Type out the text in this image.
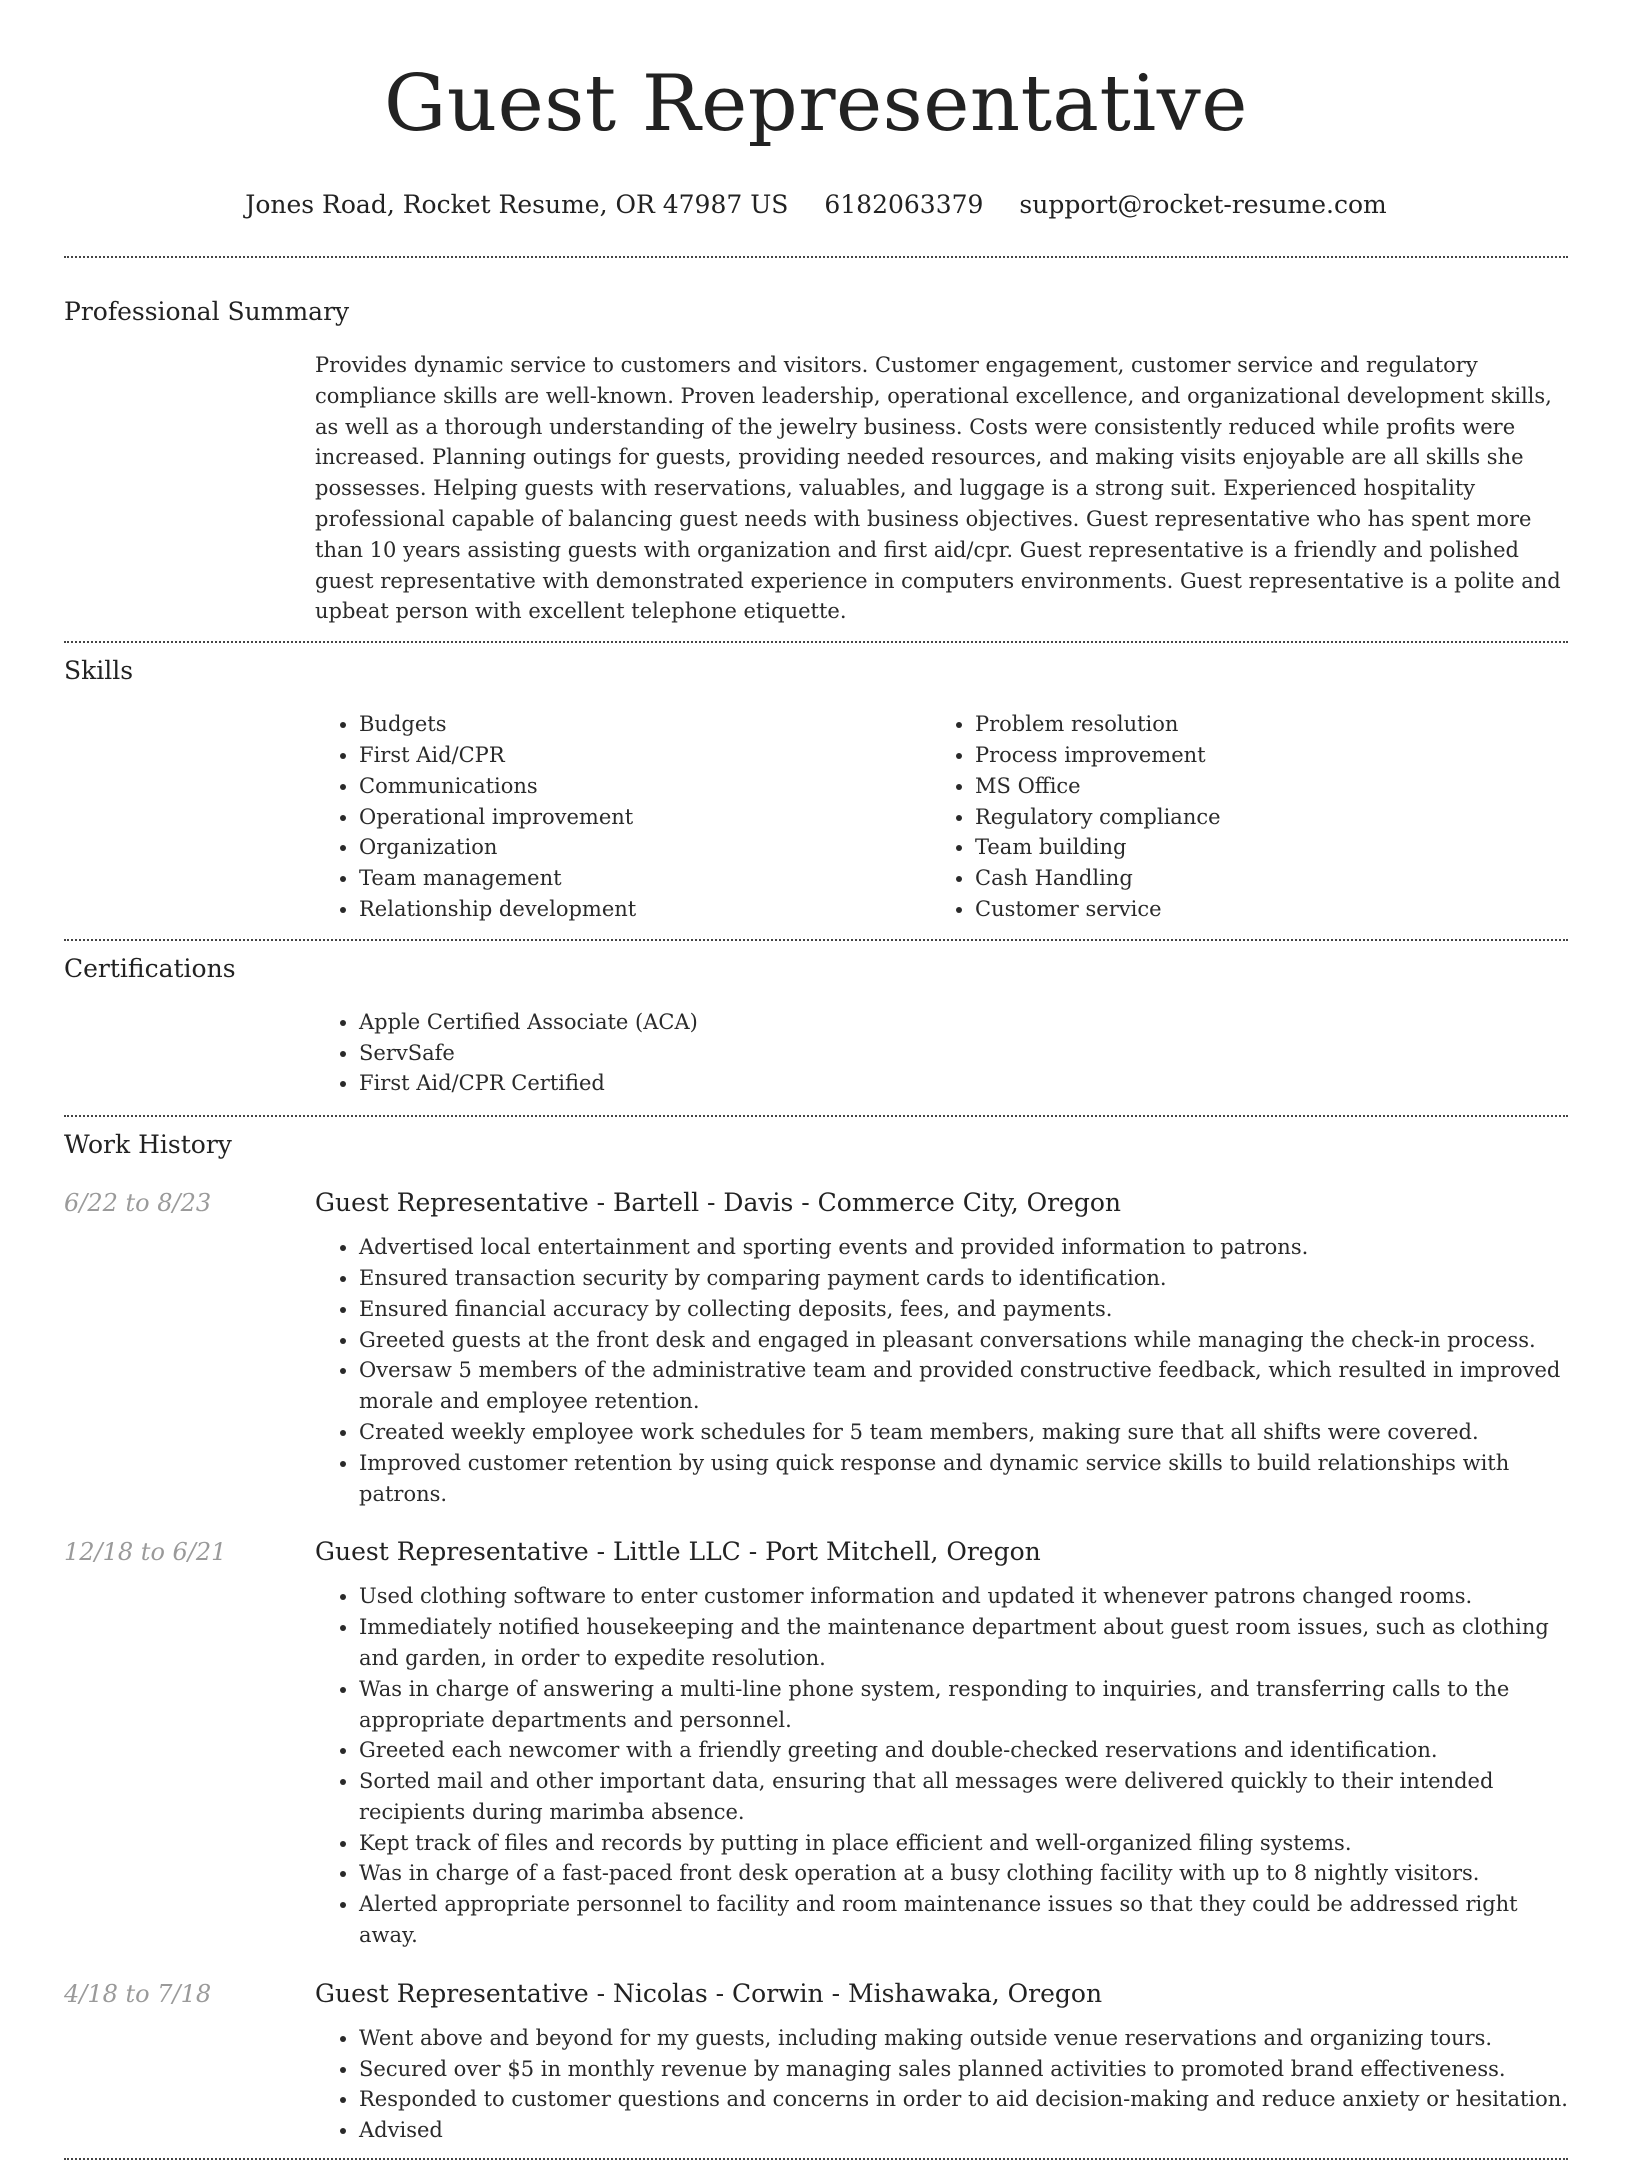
Guest Representative
Jones Road, Rocket Resume, OR 47987 US 6182063379 support@rocket-resume.com
Professional Summary
Provides dynamic service to customers and visitors. Customer engagement, customer service and regulatory compliance skills are well-known. Proven leadership, operational excellence, and organizational development skills, as well as a thorough understanding of the jewelry business. Costs were consistently reduced while profits were increased. Planning outings for guests, providing needed resources, and making visits enjoyable are all skills she possesses. Helping guests with reservations, valuables, and luggage is a strong suit. Experienced hospitality professional capable of balancing guest needs with business objectives. Guest representative who has spent more than 10 years assisting guests with organization and first aid/cpr. Guest representative is a friendly and polished guest representative with demonstrated experience in computers environments. Guest representative is a polite and upbeat person with excellent telephone etiquette.
Skills
• Budgets
• First Aid/CPR
• Communications
• Operational improvement
• Organization
• Team management
• Relationship development
• Problem resolution
• Process improvement
• MS Office
• Regulatory compliance
• Team building
• Cash Handling
• Customer service
Certifications
• Apple Certified Associate (ACA)
• ServSafe
• First Aid/CPR Certified
Work History
6/22 to 8/23	Guest Representative - Bartell - Davis - Commerce City, Oregon
• Advertised local entertainment and sporting events and provided information to patrons.
• Ensured transaction security by comparing payment cards to identification.
• Ensured financial accuracy by collecting deposits, fees, and payments.
• Greeted guests at the front desk and engaged in pleasant conversations while managing the check-in process.
• Oversaw 5 members of the administrative team and provided constructive feedback, which resulted in improved morale and employee retention.
• Created weekly employee work schedules for 5 team members, making sure that all shifts were covered.
• Improved customer retention by using quick response and dynamic service skills to build relationships with patrons.
12/18 to 6/21	Guest Representative - Little LLC - Port Mitchell, Oregon
• Used clothing software to enter customer information and updated it whenever patrons changed rooms.
• Immediately notified housekeeping and the maintenance department about guest room issues, such as clothing and garden, in order to expedite resolution.
• Was in charge of answering a multi-line phone system, responding to inquiries, and transferring calls to the appropriate departments and personnel.
• Greeted each newcomer with a friendly greeting and double-checked reservations and identification.
• Sorted mail and other important data, ensuring that all messages were delivered quickly to their intended recipients during marimba absence.
• Kept track of files and records by putting in place efficient and well-organized filing systems.
• Was in charge of a fast-paced front desk operation at a busy clothing facility with up to 8 nightly visitors.
• Alerted appropriate personnel to facility and room maintenance issues so that they could be addressed right away.
4/18 to 7/18	Guest Representative - Nicolas - Corwin - Mishawaka, Oregon
• Went above and beyond for my guests, including making outside venue reservations and organizing tours.
• Secured over $5 in monthly revenue by managing sales planned activities to promoted brand effectiveness.
• Responded to customer questions and concerns in order to aid decision-making and reduce anxiety or hesitation.
• Advised
